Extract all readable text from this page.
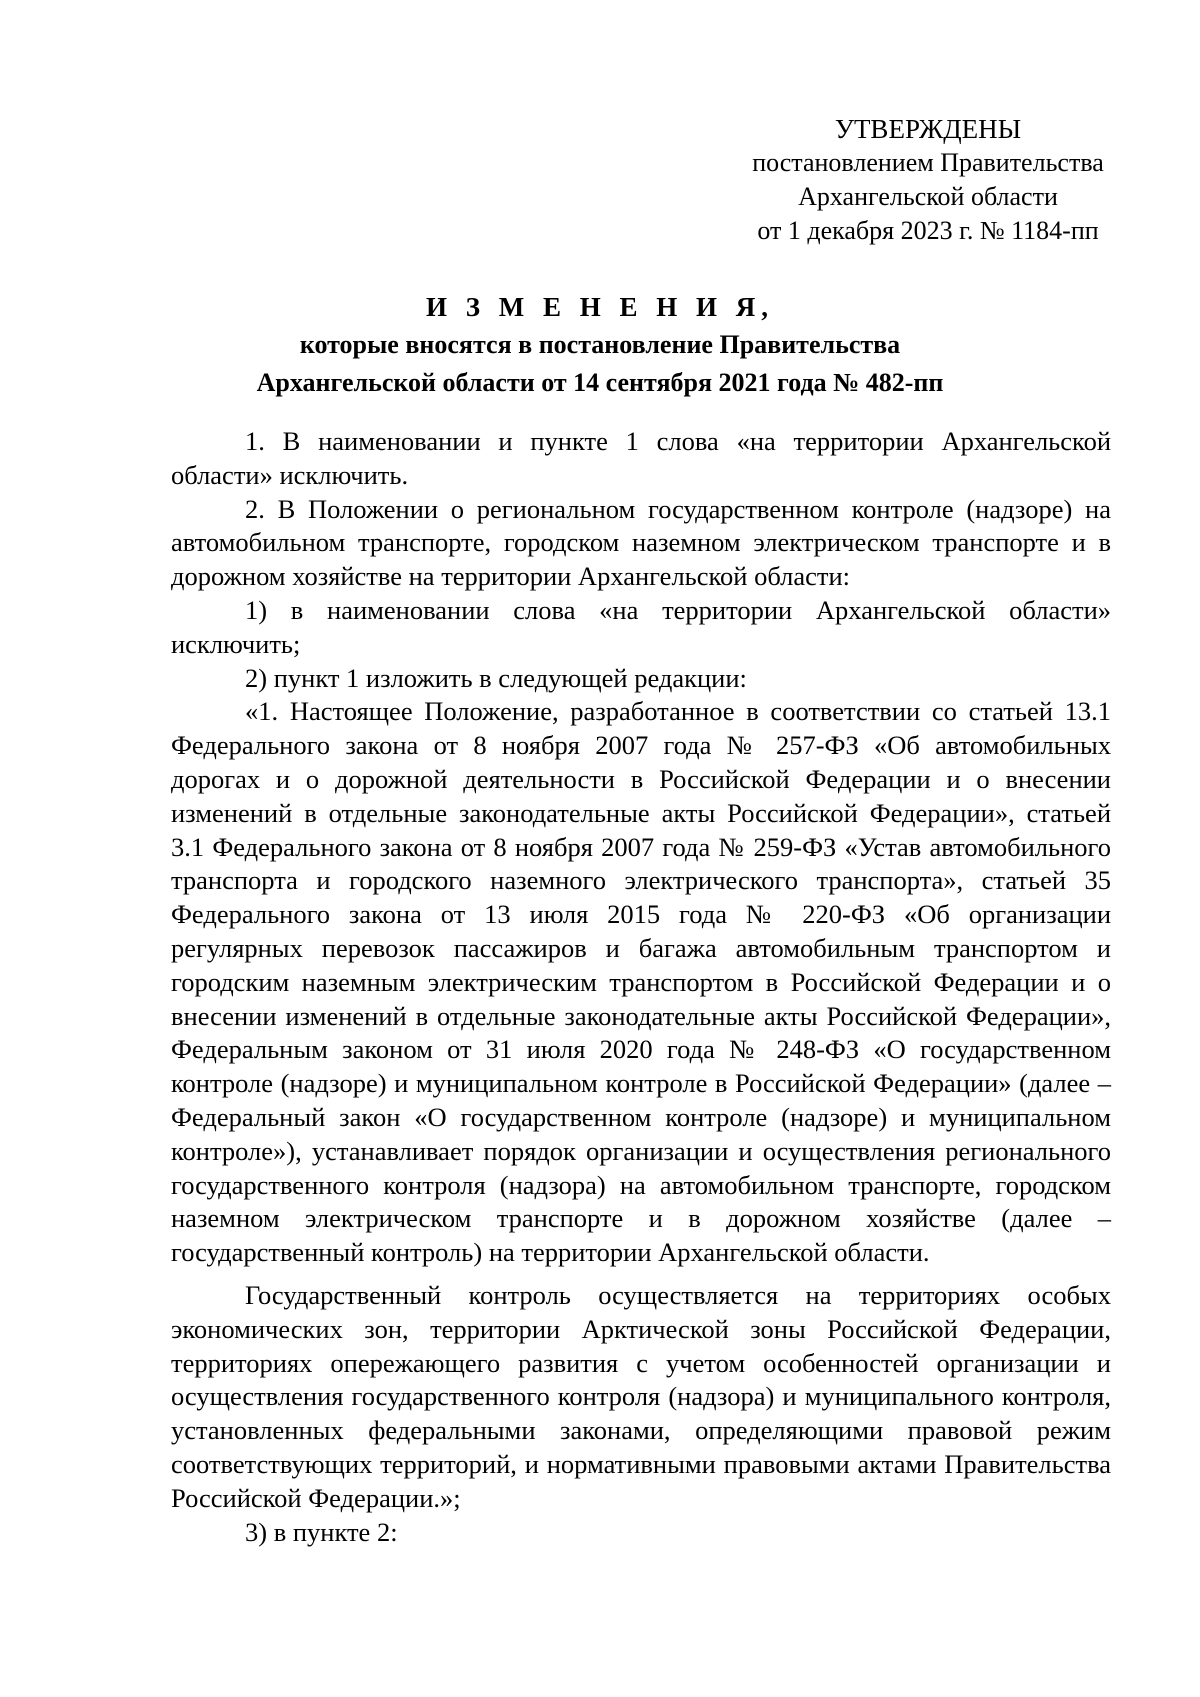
УТВЕРЖДЕНЫ
постановлением Правительства
Архангельской области
от 1 декабря 2023 г. № 1184-пп
И З М Е Н Е Н И Я,
которые вносятся в постановление Правительства
Архангельской области от 14 сентября 2021 года № 482-пп

1. В наименовании и пункте 1 слова «на территории Архангельской области» исключить.

2. В Положении о региональном государственном контроле (надзоре) на автомобильном транспорте, городском наземном электрическом транспорте и в дорожном хозяйстве на территории Архангельской области:

1) в наименовании слова «на территории Архангельской области» исключить;

2) пункт 1 изложить в следующей редакции:

«1. Настоящее Положение, разработанное в соответствии со статьей 13.1 Федерального закона от 8 ноября 2007 года № 257-ФЗ «Об автомобильных дорогах и о дорожной деятельности в Российской Федерации и о внесении изменений в отдельные законодательные акты Российской Федерации», статьей 3.1 Федерального закона от 8 ноября 2007 года № 259-ФЗ «Устав автомобильного транспорта и городского наземного электрического транспорта», статьей 35 Федерального закона от 13 июля 2015 года № 220-ФЗ «Об организации регулярных перевозок пассажиров и багажа автомобильным транспортом и городским наземным электрическим транспортом в Российской Федерации и о внесении изменений в отдельные законодательные акты Российской Федерации», Федеральным законом от 31 июля 2020 года № 248-ФЗ «О государственном контроле (надзоре) и муниципальном контроле в Российской Федерации» (далее – Федеральный закон «О государственном контроле (надзоре) и муниципальном контроле»), устанавливает порядок организации и осуществления регионального государственного контроля (надзора) на автомобильном транспорте, городском наземном электрическом транспорте и в дорожном хозяйстве (далее – государственный контроль) на территории Архангельской области.

Государственный контроль осуществляется на территориях особых экономических зон, территории Арктической зоны Российской Федерации, территориях опережающего развития с учетом особенностей организации и осуществления государственного контроля (надзора) и муниципального контроля, установленных федеральными законами, определяющими правовой режим соответствующих территорий, и нормативными правовыми актами Правительства Российской Федерации.»;

3) в пункте 2:
